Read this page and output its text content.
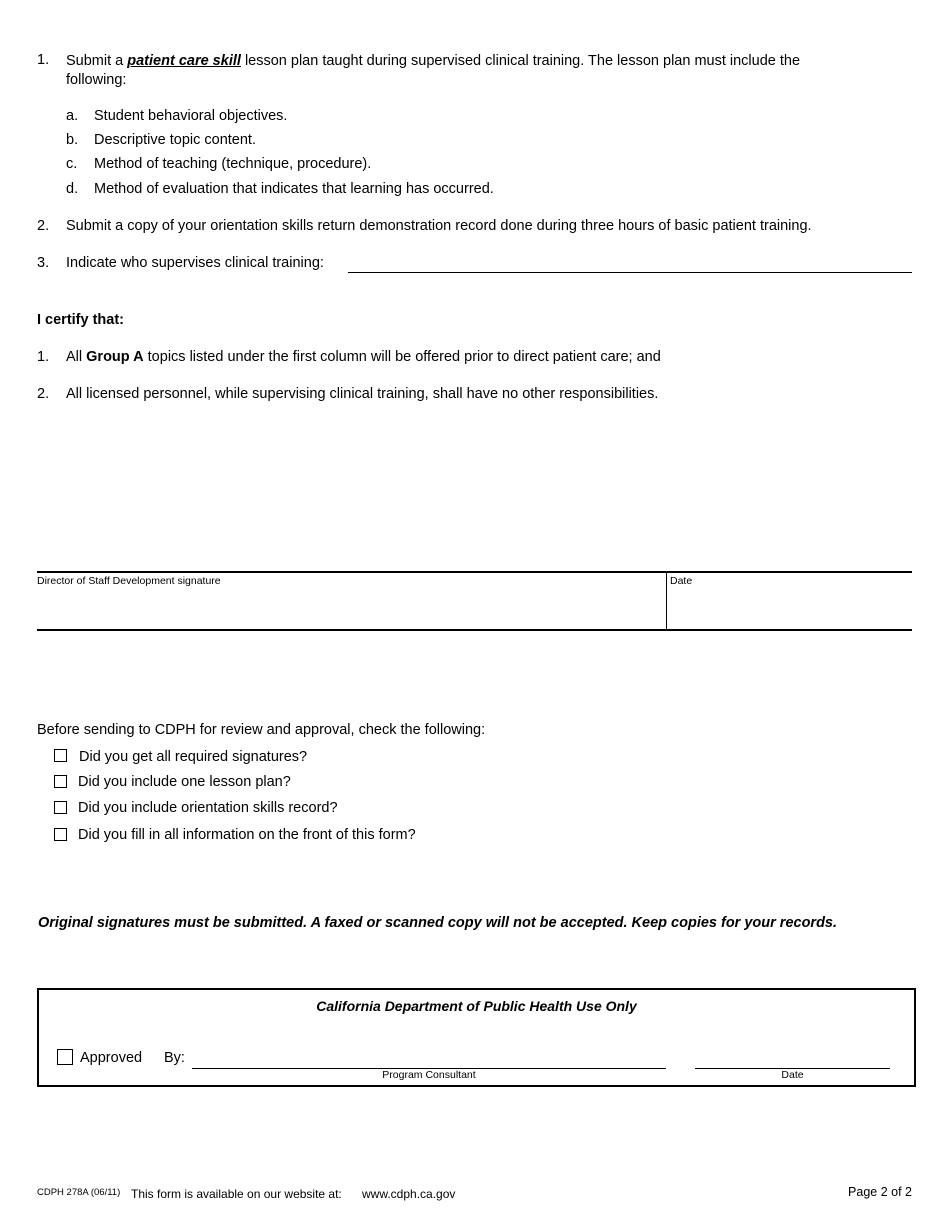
1. Submit a patient care skill lesson plan taught during supervised clinical training. The lesson plan must include the
following:
a. Student behavioral objectives.
b. Descriptive topic content.
c. Method of teaching (technique, procedure).
d. Method of evaluation that indicates that learning has occurred.
2. Submit a copy of your orientation skills return demonstration record done during three hours of basic patient training.
3. Indicate who supervises clinical training:
I certify that:
1. All Group A topics listed under the first column will be offered prior to direct patient care; and
2. All licensed personnel, while supervising clinical training, shall have no other responsibilities.
Director of Staff Development signature	Date
Before sending to CDPH for review and approval, check the following:
Did you get all required signatures?
Did you include one lesson plan?
Did you include orientation skills record?
Did you fill in all information on the front of this form?
Original signatures must be submitted. A faxed or scanned copy will not be accepted. Keep copies for your records.
California Department of Public Health Use Only
Approved By:
Program Consultant	Date
CDPH 278A (06/11) This form is available on our website at: www.cdph.ca.gov	Page 2 of 2
